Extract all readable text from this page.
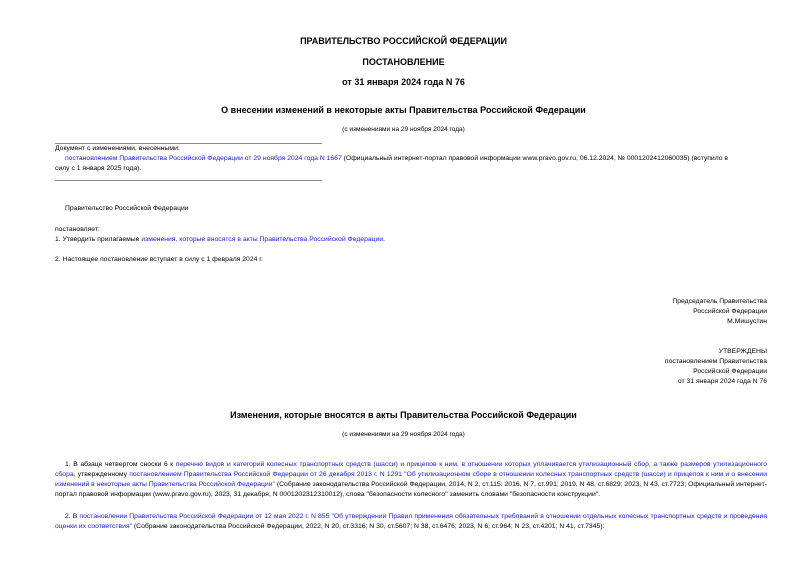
ПРАВИТЕЛЬСТВО РОССИЙСКОЙ ФЕДЕРАЦИИ
ПОСТАНОВЛЕНИЕ
от 31 января 2024 года N 76
О внесении изменений в некоторые акты Правительства Российской Федерации
(с изменениями на 29 ноября 2024 года)
Документ с изменениями, внесенными:
постановлением Правительства Российской Федерации от 29 ноября 2024 года N 1667 (Официальный интернет-портал правовой информации www.pravo.gov.ru, 06.12.2024, № 0001202412060035) (вступило в
силу с 1 января 2025 года).
Правительство Российской Федерации
постановляет:
1. Утвердить прилагаемые изменения, которые вносятся в акты Правительства Российской Федерации.
2. Настоящее постановление вступает в силу с 1 февраля 2024 г.
Председатель Правительства
Российской Федерации
М.Мишустин
УТВЕРЖДЕНЫ
постановлением Правительства
Российской Федерации
от 31 января 2024 года N 76
Изменения, которые вносятся в акты Правительства Российской Федерации
(с изменениями на 29 ноября 2024 года)
1. В абзаце четвертом сноски 6 к перечню видов и категорий колесных транспортных средств (шасси) и прицепов к ним, в отношении которых уплачивается утилизационный сбор, а также размеров утилизационного сбора, утвержденному постановлением Правительства Российской Федерации от 26 декабря 2013 г. N 1291 "Об утилизационном сборе в отношении колесных транспортных средств (шасси) и прицепов к ним и о внесении изменений в некоторые акты Правительства Российской Федерации" (Собрание законодательства Российской Федерации, 2014, N 2, ст.115; 2016, N 7, ст.991; 2019, N 48, ст.6829; 2023, N 43, ст.7723; Официальный интернет-портал правовой информации (www.pravo.gov.ru), 2023, 31 декабря, N 0001202312310012), слова "безопасности колесного" заменить словами "безопасности конструкции".
2. В постановлении Правительства Российской Федерации от 12 мая 2022 г. N 855 "Об утверждении Правил применения обязательных требований в отношении отдельных колесных транспортных средств и проведения оценки их соответствия" (Собрание законодательства Российской Федерации, 2022, N 20, ст.3316; N 30, ст.5607; N 38, ст.6476; 2023, N 6, ст.964; N 23, ст.4201; N 41, ст.7345):
